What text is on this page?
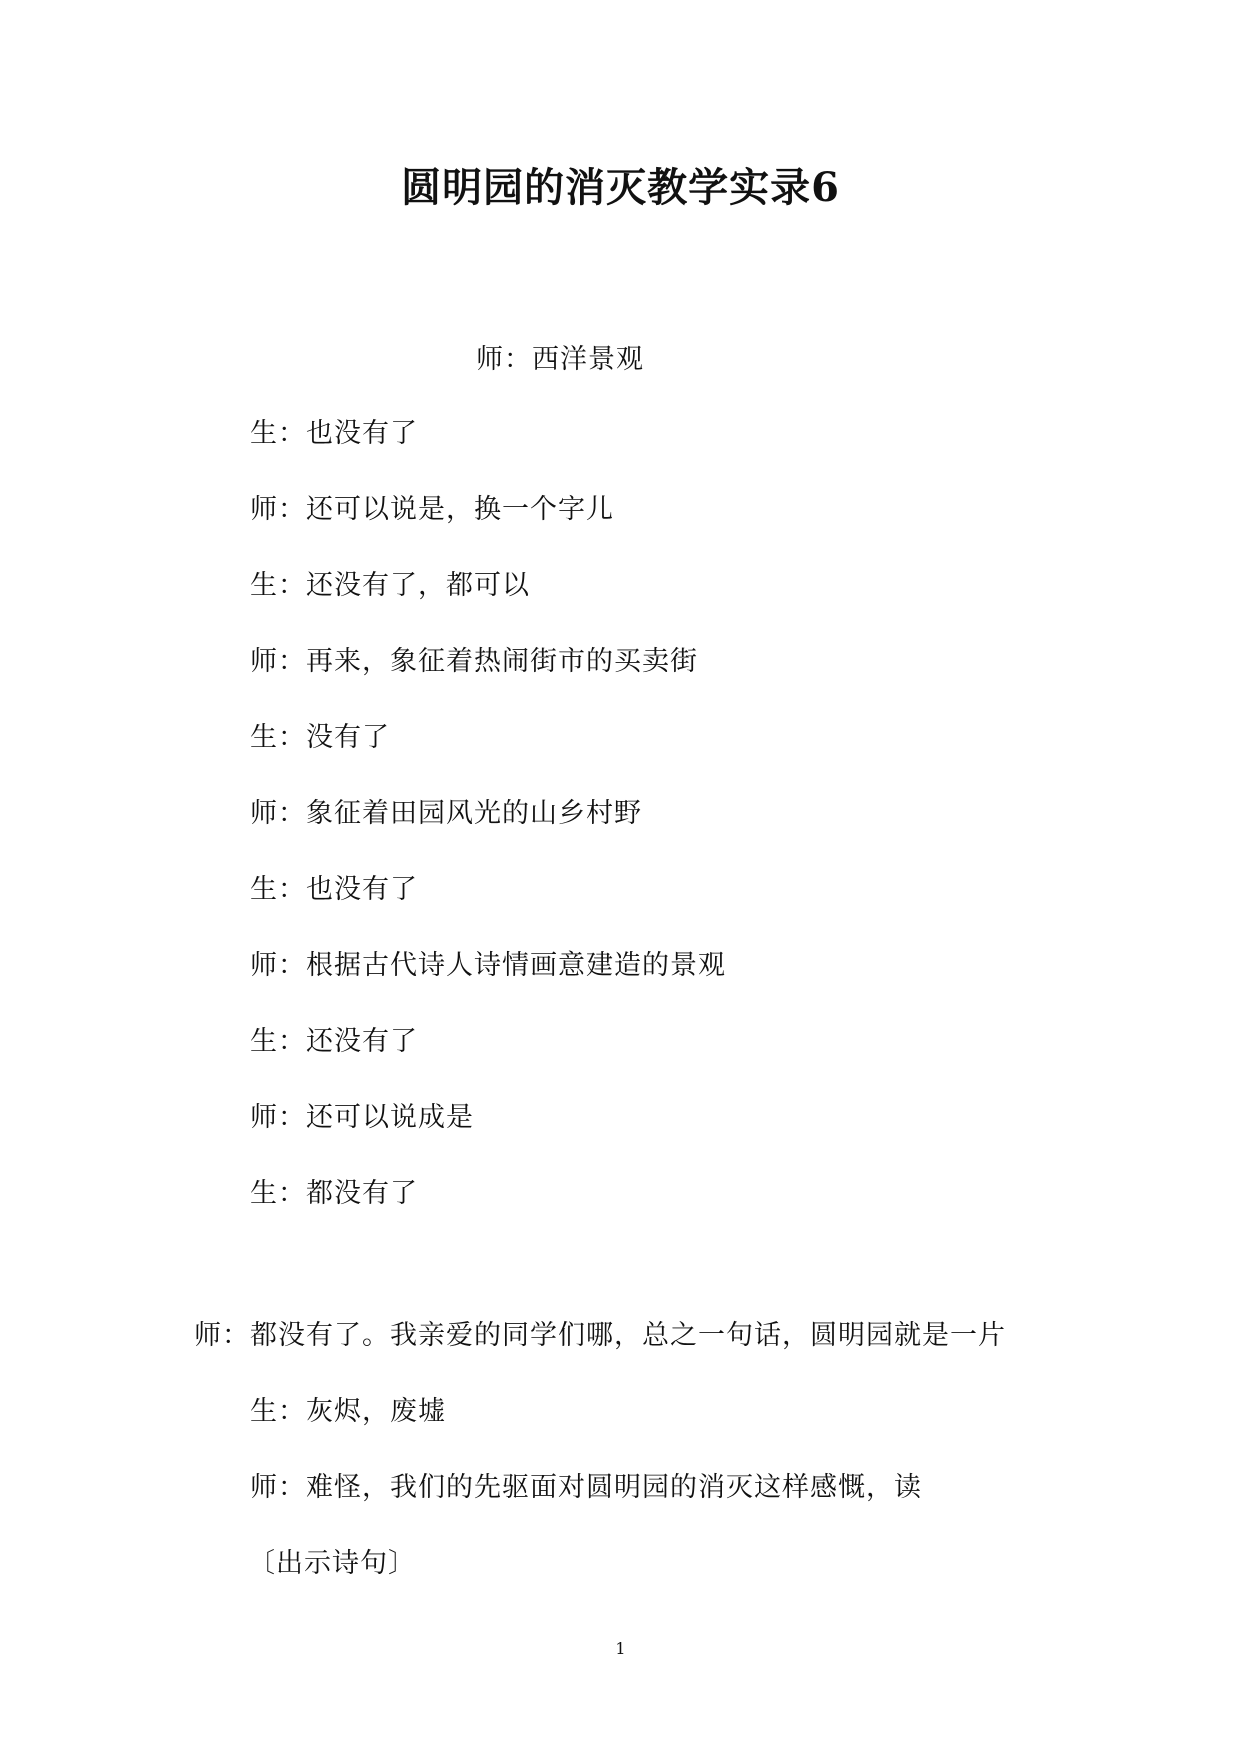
圆明园的消灭教学实录6
师：西洋景观
生：也没有了
师：还可以说是，换一个字儿
生：还没有了，都可以
师：再来，象征着热闹街市的买卖街
生：没有了
师：象征着田园风光的山乡村野
生：也没有了
师：根据古代诗人诗情画意建造的景观
生：还没有了
师：还可以说成是
生：都没有了
师：都没有了。我亲爱的同学们哪，总之一句话，圆明园就是一片
生：灰烬，废墟
师：难怪，我们的先驱面对圆明园的消灭这样感慨，读
〔出示诗句〕
1
